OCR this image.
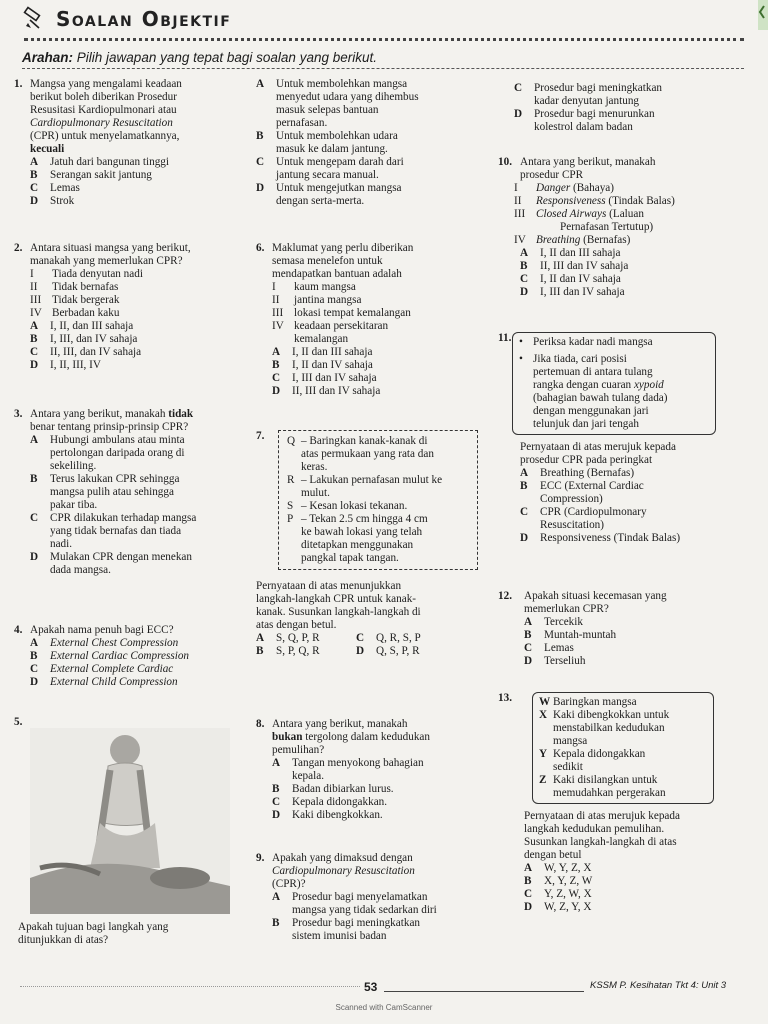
Soalan Objektif
Arahan: Pilih jawapan yang tepat bagi soalan yang berikut.
1. Mangsa yang mengalami keadaan
berikut boleh diberikan Prosedur
Resusitasi Kardiopulmonari atau
Cardiopulmonary Resuscitation
(CPR) untuk menyelamatkannya,
kecuali
A	Jatuh dari bangunan tinggi
B	Serangan sakit jantung
C	Lemas
D	Strok
2. Antara situasi mangsa yang berikut,
manakah yang memerlukan CPR?
I	Tiada denyutan nadi
II	Tidak bernafas
III Tidak bergerak
IV Berbadan kaku
A	I, II, dan III sahaja
B	I, III, dan IV sahaja
C	II, III, dan IV sahaja
D	I, II, III, IV
3. Antara yang berikut, manakah tidak
benar tentang prinsip-prinsip CPR?
A	Hubungi ambulans atau minta
pertolongan daripada orang di
sekeliling.
B	Terus lakukan CPR sehingga
mangsa pulih atau sehingga
pakar tiba.
C	CPR dilakukan terhadap mangsa
yang tidak bernafas dan tiada
nadi.
D	Mulakan CPR dengan menekan
dada mangsa.
4. Apakah nama penuh bagi ECC?
A	External Chest Compression
B	External Cardiac Compression
C	External Complete Cardiac
D	External Child Compression
5.
Apakah tujuan bagi langkah yang
ditunjukkan di atas?
A	Untuk membolehkan mangsa
menyedut udara yang dihembus
masuk selepas bantuan
pernafasan.
B	Untuk membolehkan udara
masuk ke dalam jantung.
C	Untuk mengepam darah dari
jantung secara manual.
D	Untuk mengejutkan mangsa
dengan serta-merta.
6. Maklumat yang perlu diberikan
semasa menelefon untuk
mendapatkan bantuan adalah
I	kaum mangsa
II	jantina mangsa
III lokasi tempat kemalangan
IV keadaan persekitaran
kemalangan
A	I, II dan III sahaja
B	I, II dan IV sahaja
C	I, III dan IV sahaja
D	II, III dan IV sahaja
7. Q – Baringkan kanak-kanak di
atas permukaan yang rata dan
keras.
R – Lakukan pernafasan mulut ke
mulut.
S – Kesan lokasi tekanan.
P – Tekan 2.5 cm hingga 4 cm
ke bawah lokasi yang telah
ditetapkan menggunakan
pangkal tapak tangan.
Pernyataan di atas menunjukkan
langkah-langkah CPR untuk kanak-
kanak. Susunkan langkah-langkah di
atas dengan betul.
A	S, Q, P, R	C	Q, R, S, P
B	S, P, Q, R	D	Q, S, P, R
8. Antara yang berikut, manakah
bukan tergolong dalam kedudukan
pemulihan?
A	Tangan menyokong bahagian
kepala.
B	Badan dibiarkan lurus.
C	Kepala didongakkan.
D	Kaki dibengkokkan.
9. Apakah yang dimaksud dengan
Cardiopulmonary Resuscitation
(CPR)?
A	Prosedur bagi menyelamatkan
mangsa yang tidak sedarkan diri
B	Prosedur bagi meningkatkan
sistem imunisi badan
C	Prosedur bagi meningkatkan
kadar denyutan jantung
D	Prosedur bagi menurunkan
kolestrol dalam badan
10. Antara yang berikut, manakah
prosedur CPR
I	Danger (Bahaya)
II	Responsiveness (Tindak Balas)
III Closed Airways (Laluan
Pernafasan Tertutup)
IV Breathing (Bernafas)
A	I, II dan III sahaja
B	II, III dan IV sahaja
C	I, II dan IV sahaja
D	I, III dan IV sahaja
11. • Periksa kadar nadi mangsa
• Jika tiada, cari posisi
pertemuan di antara tulang
rangka dengan cuaran xypoid
(bahagian bawah tulang dada)
dengan menggunakan jari
telunjuk dan jari tengah
Pernyataan di atas merujuk kepada
prosedur CPR pada peringkat
A	Breathing (Bernafas)
B	ECC (External Cardiac
Compression)
C	CPR (Cardiopulmonary
Resuscitation)
D	Responsiveness (Tindak Balas)
12. Apakah situasi kecemasan yang
memerlukan CPR?
A	Tercekik
B	Muntah-muntah
C	Lemas
D	Terseliuh
13. W Baringkan mangsa
X Kaki dibengkokkan untuk
menstabilkan kedudukan
mangsa
Y Kepala didongakkan
sedikit
Z Kaki disilangkan untuk
memudahkan pergerakan
Pernyataan di atas merujuk kepada
langkah kedudukan pemulihan.
Susunkan langkah-langkah di atas
dengan betul
A	W, Y, Z, X
B	X, Y, Z, W
C	Y, Z, W, X
D	W, Z, Y, X
53	KSSM P. Kesihatan Tkt 4: Unit 3
Scanned with CamScanner
